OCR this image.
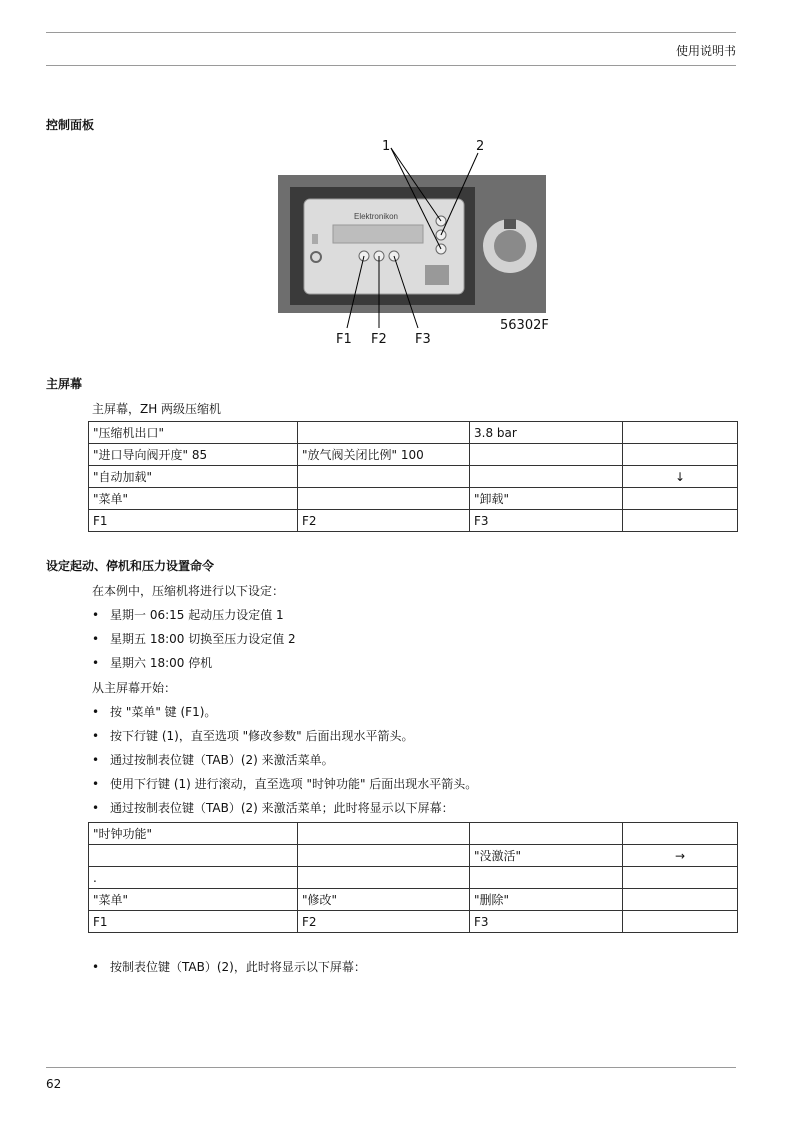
使用说明书
控制面板
Elektronikon
1	2
F1 F2 F3
56302F
主屏幕
主屏幕，ZH 两级压缩机
"压缩机出口"		3.8 bar	
"进口导向阀开度" 85	"放气阀关闭比例" 100		
"自动加载"			↓
"菜单"		"卸载"	
F1	F2	F3	
设定起动、停机和压力设置命令
在本例中，压缩机将进行以下设定：
• 星期一 06:15 起动压力设定值 1
• 星期五 18:00 切换至压力设定值 2
• 星期六 18:00 停机
从主屏幕开始：
• 按 "菜单" 键 (F1)。
• 按下行键 (1)，直至选项 "修改参数" 后面出现水平箭头。
• 通过按制表位键（TAB）(2) 来激活菜单。
• 使用下行键 (1) 进行滚动，直至选项 "时钟功能" 后面出现水平箭头。
• 通过按制表位键（TAB）(2) 来激活菜单；此时将显示以下屏幕：
"时钟功能"			
		"没激活"	→
.			
"菜单"	"修改"	"删除"	
F1	F2	F3	
• 按制表位键（TAB）(2)，此时将显示以下屏幕：
62
